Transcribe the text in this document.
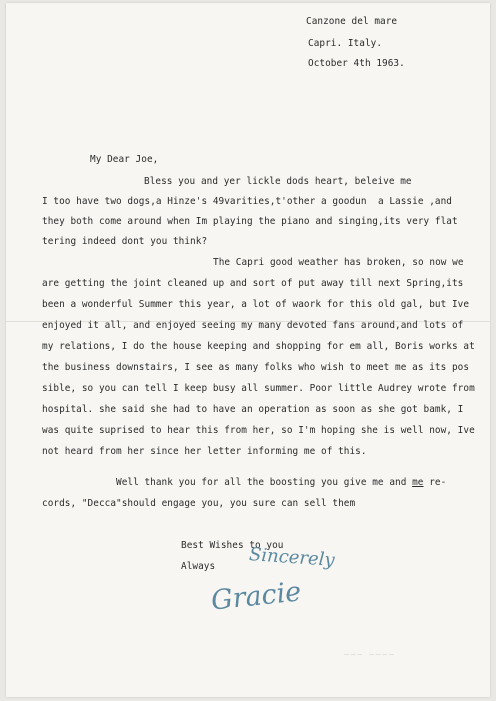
Canzone del mare
Capri. Italy.
October 4th 1963.
My Dear Joe,
Bless you and yer lickle dods heart, beleive me
I too have two dogs,a Hinze's 49varities,t'other a goodun  a Lassie ,and
they both come around when Im playing the piano and singing,its very flat
tering indeed dont you think?
The Capri good weather has broken, so now we
are getting the joint cleaned up and sort of put away till next Spring,its
been a wonderful Summer this year, a lot of waork for this old gal, but Ive
enjoyed it all, and enjoyed seeing my many devoted fans around,and lots of
my relations, I do the house keeping and shopping for em all, Boris works at
the business downstairs, I see as many folks who wish to meet me as its pos
sible, so you can tell I keep busy all summer. Poor little Audrey wrote from
hospital. she said she had to have an operation as soon as she got bamk, I
was quite suprised to hear this from her, so I'm hoping she is well now, Ive
not heard from her since her letter informing me of this.
Well thank you for all the boosting you give me and me re-
cords, "Decca"should engage you, you sure can sell them
Best Wishes to you
Always Sincerely
Gracie
~~~  ~~~~
